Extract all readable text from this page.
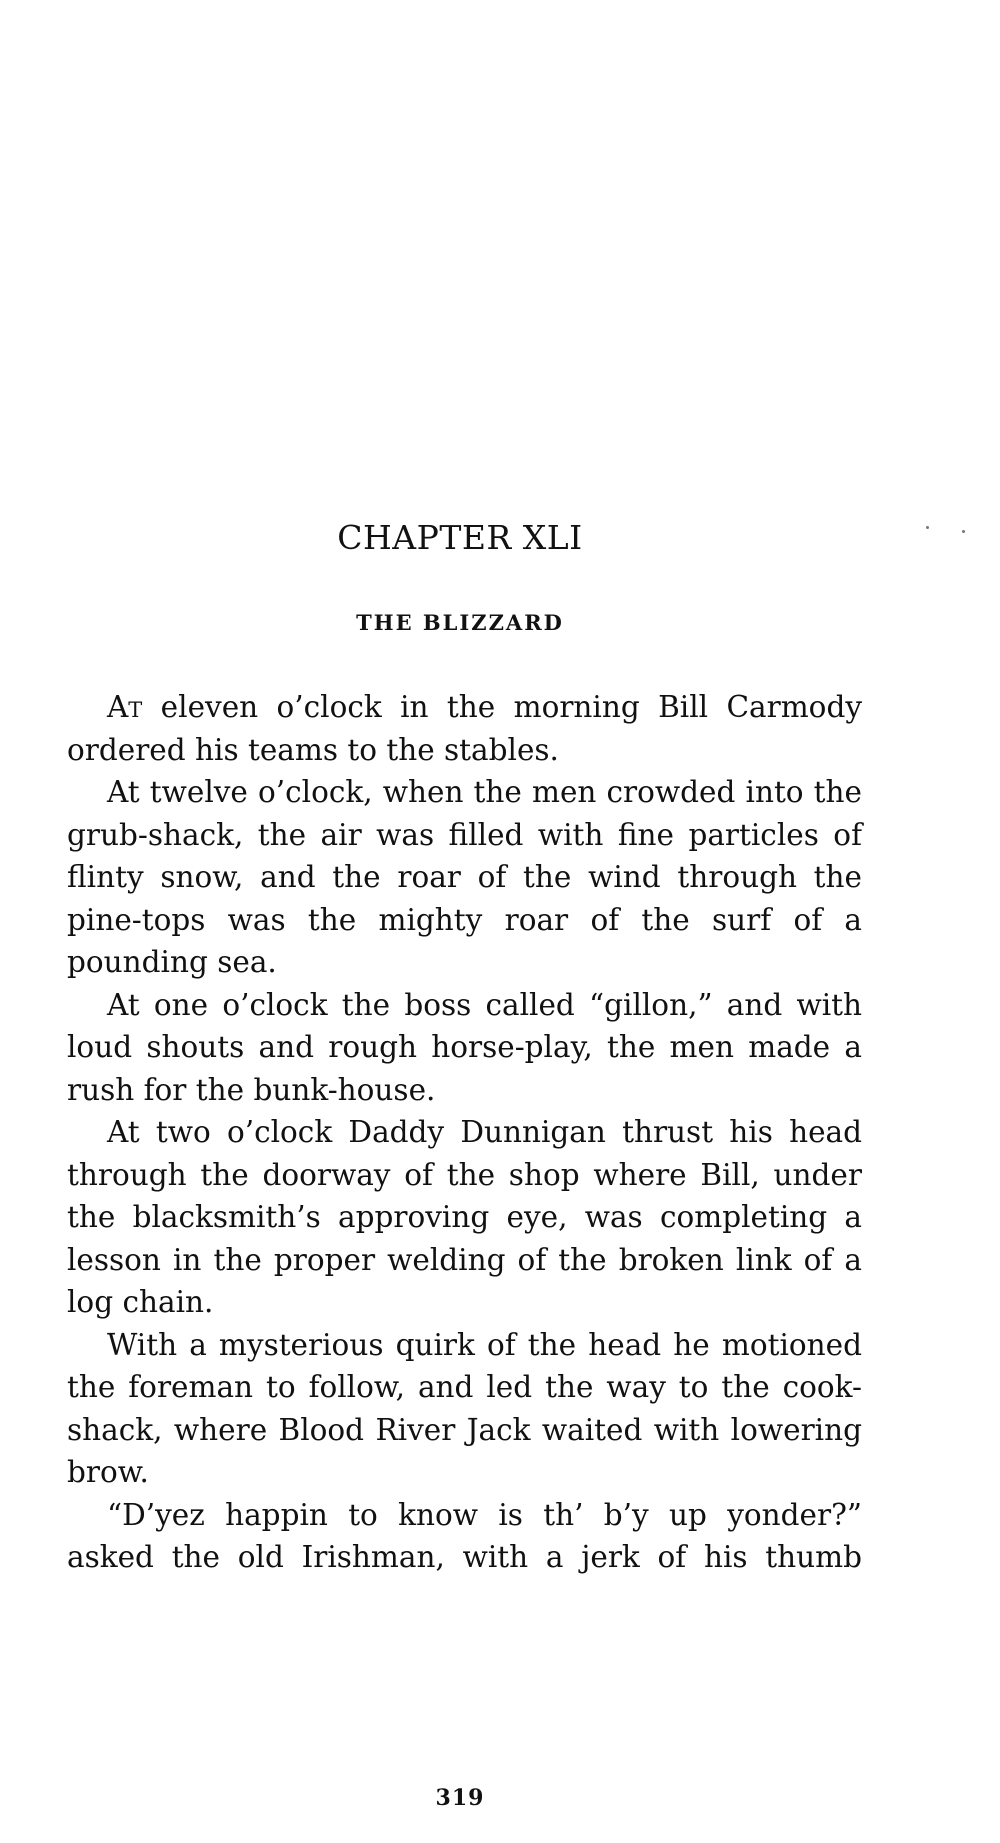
CHAPTER XLI
THE BLIZZARD

At eleven o’clock in the morning Bill Carmody ordered his teams to the stables.

At twelve o’clock, when the men crowded into the grub-shack, the air was filled with fine particles of flinty snow, and the roar of the wind through the pine-tops was the mighty roar of the surf of a pounding sea.

At one o’clock the boss called “gillon,” and with loud shouts and rough horse-play, the men made a rush for the bunk-house.

At two o’clock Daddy Dunnigan thrust his head through the doorway of the shop where Bill, under the blacksmith’s approving eye, was completing a lesson in the proper welding of the broken link of a log chain.

With a mysterious quirk of the head he motioned the foreman to follow, and led the way to the cook-shack, where Blood River Jack waited with lowering brow.

“D’yez happin to know is th’ b’y up yonder?” asked the old Irishman, with a jerk of his thumb

319
